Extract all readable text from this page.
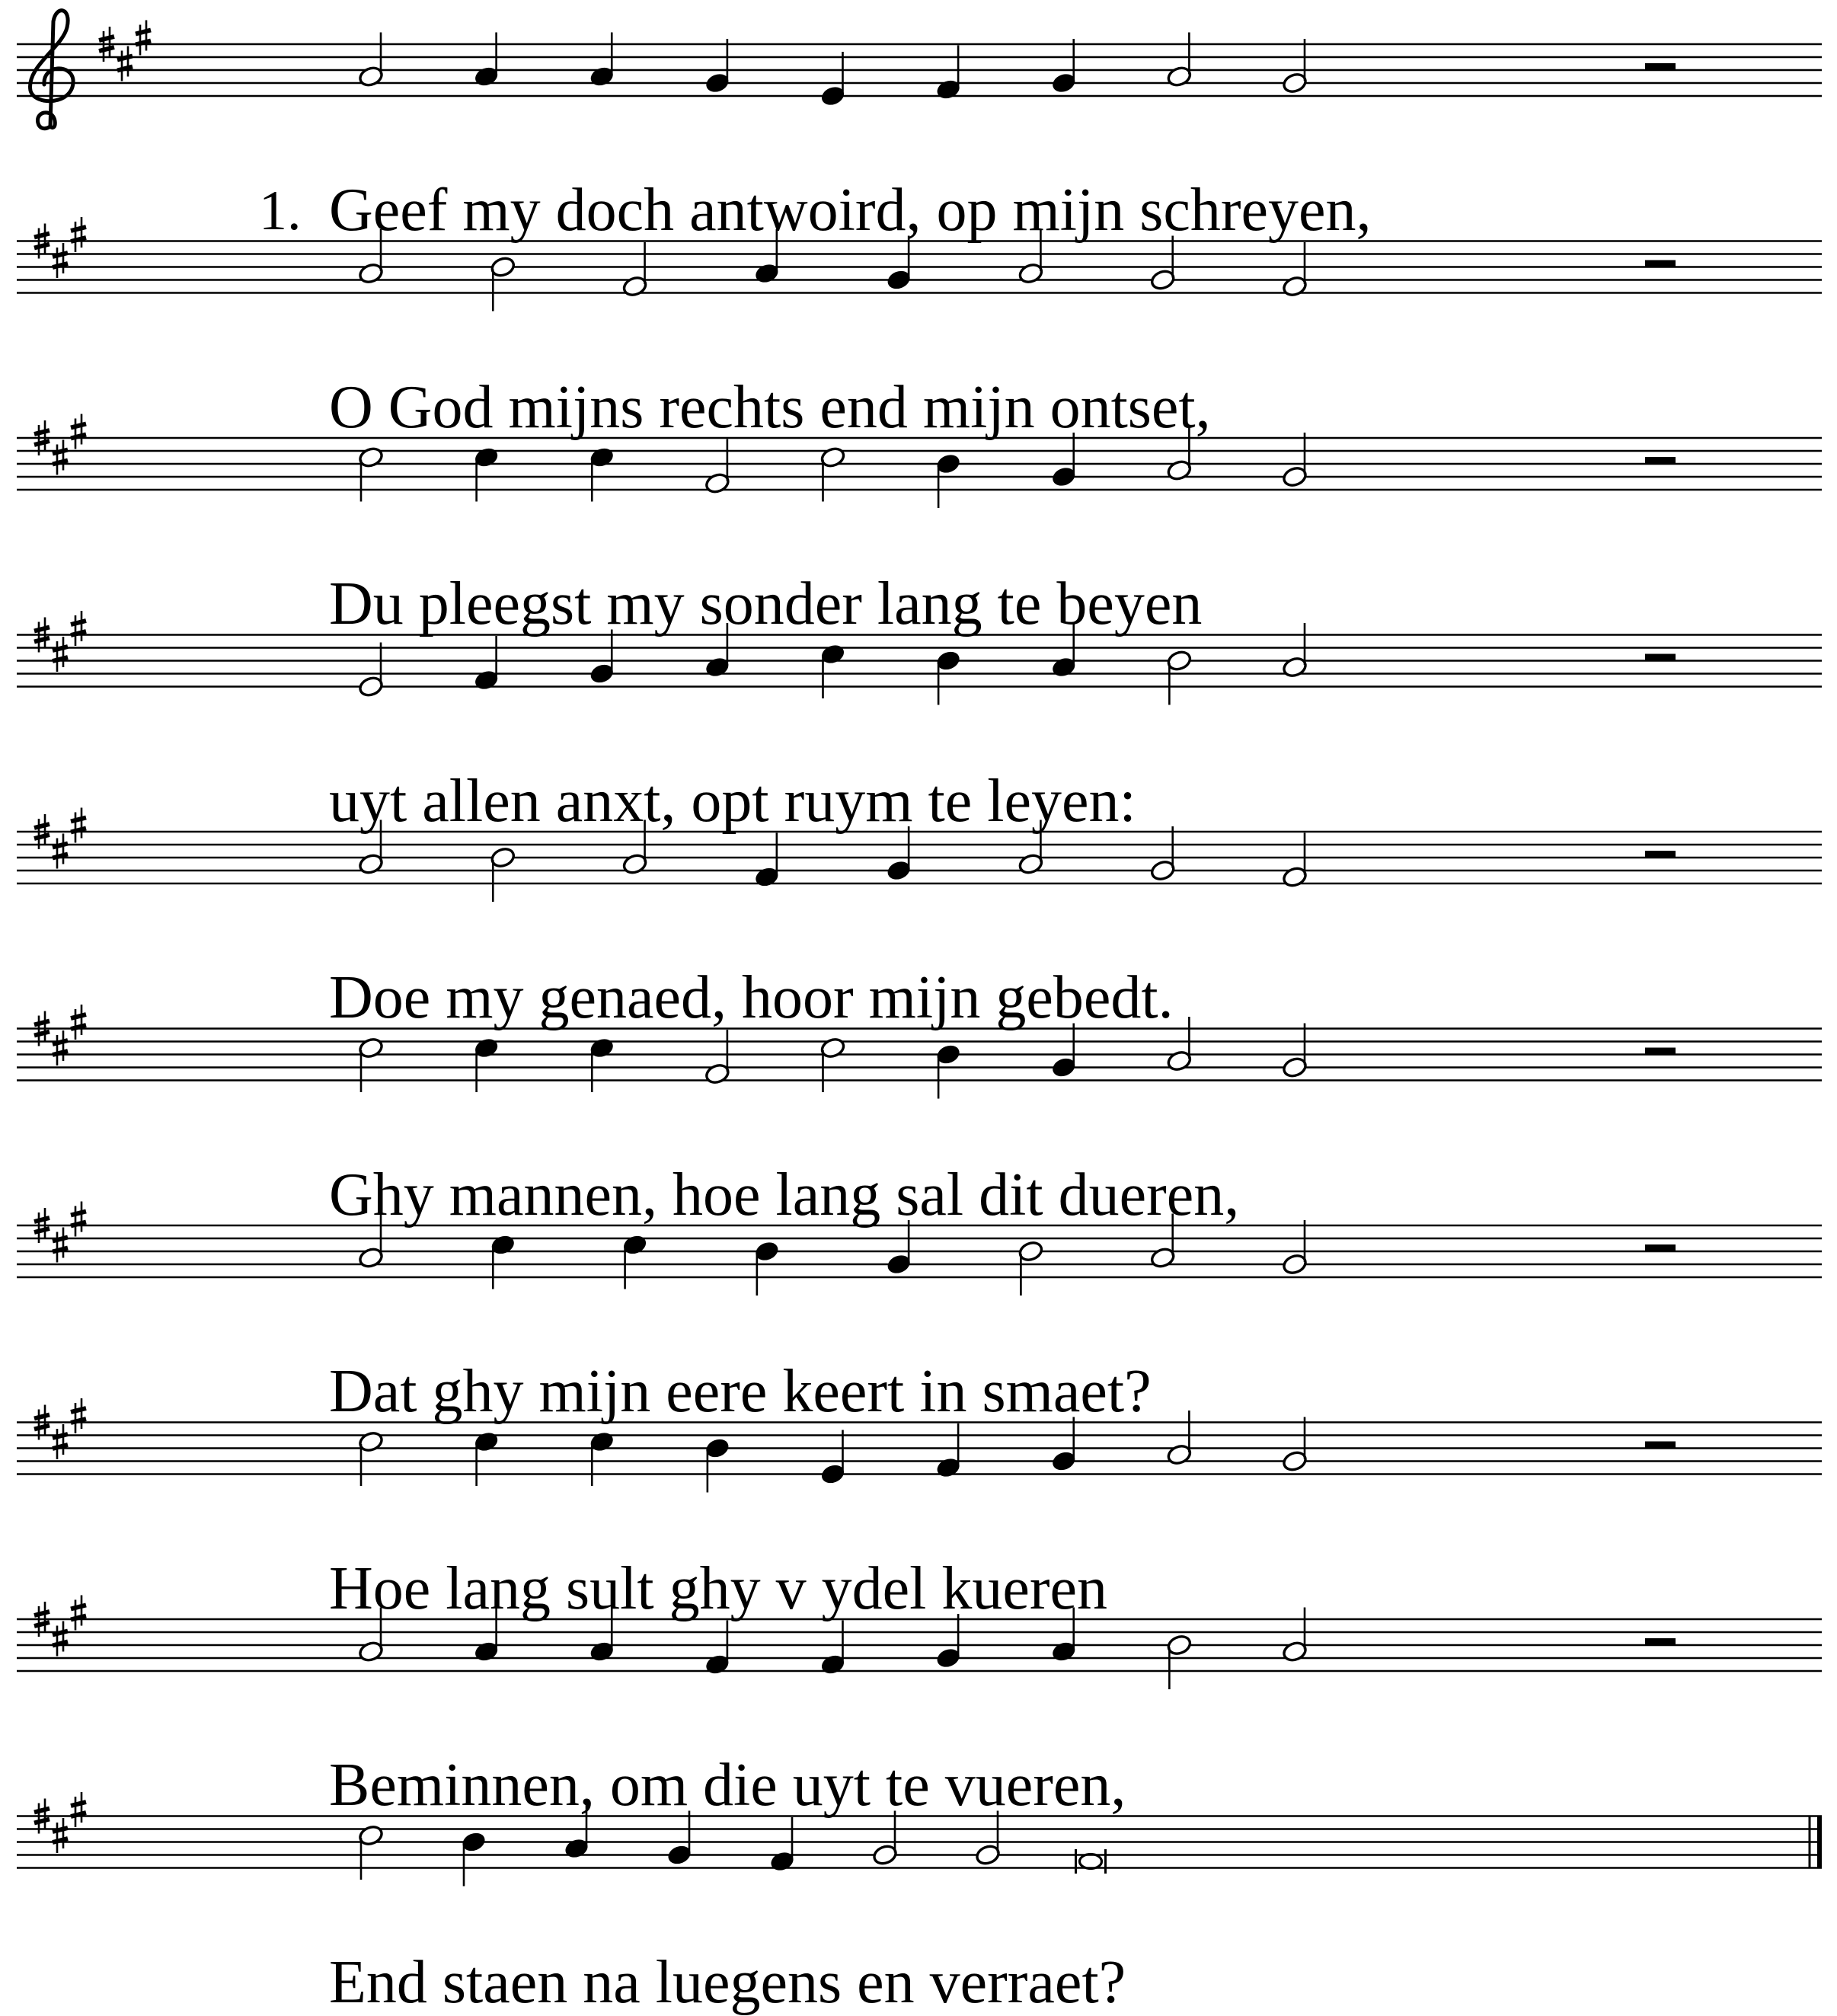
Geef my doch antwoird, op mijn schreyen,
1.
O God mijns rechts end mijn ontset,
Du pleegst my sonder lang te beyen
uyt allen anxt, opt ruym te leyen:
Doe my genaed, hoor mijn gebedt.
Ghy mannen, hoe lang sal dit dueren,
Dat ghy mijn eere keert in smaet?
Hoe lang sult ghy v ydel kueren
Beminnen, om die uyt te vueren,
End staen na luegens en verraet?
